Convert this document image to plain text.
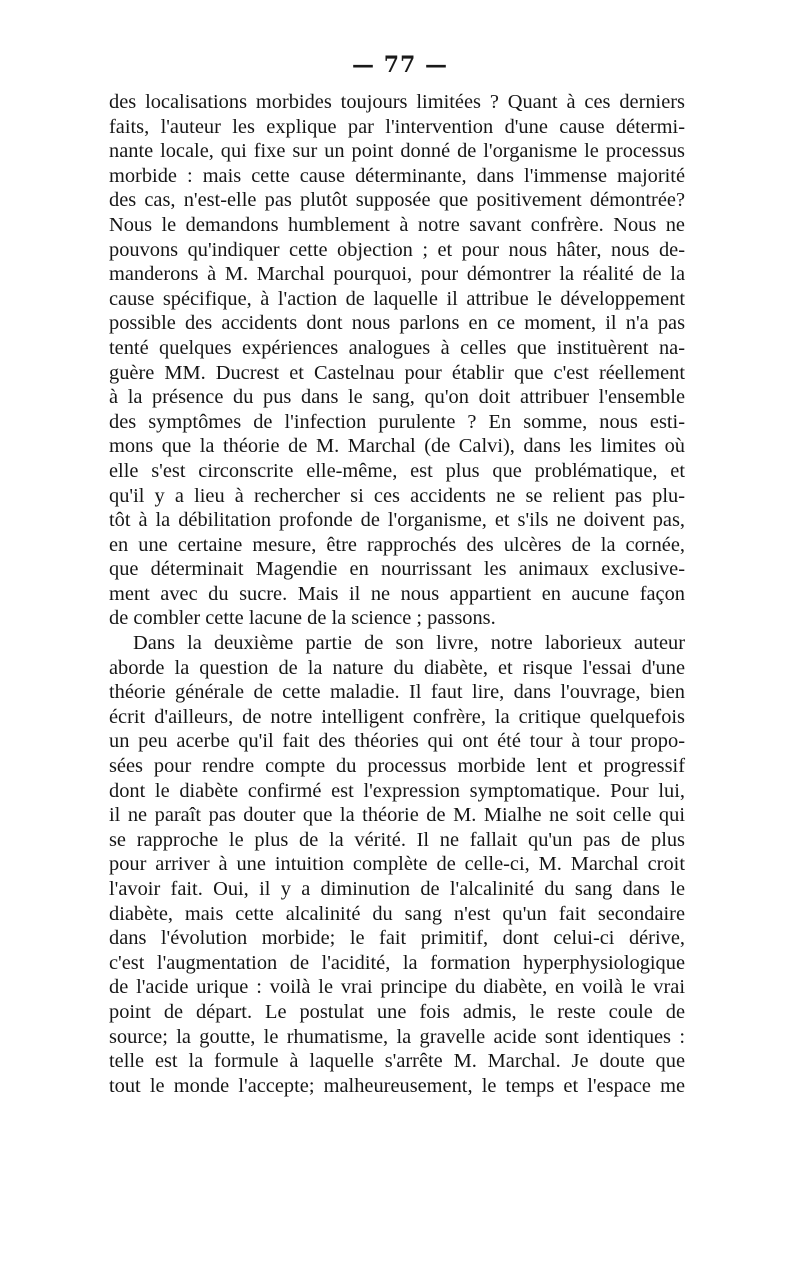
— 77 —
des localisations morbides toujours limitées ? Quant à ces derniers
faits, l'auteur les explique par l'intervention d'une cause détermi-
nante locale, qui fixe sur un point donné de l'organisme le processus
morbide : mais cette cause déterminante, dans l'immense majorité
des cas, n'est-elle pas plutôt supposée que positivement démontrée?
Nous le demandons humblement à notre savant confrère. Nous ne
pouvons qu'indiquer cette objection ; et pour nous hâter, nous de-
manderons à M. Marchal pourquoi, pour démontrer la réalité de la
cause spécifique, à l'action de laquelle il attribue le développement
possible des accidents dont nous parlons en ce moment, il n'a pas
tenté quelques expériences analogues à celles que instituèrent na-
guère MM. Ducrest et Castelnau pour établir que c'est réellement
à la présence du pus dans le sang, qu'on doit attribuer l'ensemble
des symptômes de l'infection purulente ? En somme, nous esti-
mons que la théorie de M. Marchal (de Calvi), dans les limites où
elle s'est circonscrite elle-même, est plus que problématique, et
qu'il y a lieu à rechercher si ces accidents ne se relient pas plu-
tôt à la débilitation profonde de l'organisme, et s'ils ne doivent pas,
en une certaine mesure, être rapprochés des ulcères de la cornée,
que déterminait Magendie en nourrissant les animaux exclusive-
ment avec du sucre. Mais il ne nous appartient en aucune façon
de combler cette lacune de la science ; passons.
Dans la deuxième partie de son livre, notre laborieux auteur
aborde la question de la nature du diabète, et risque l'essai d'une
théorie générale de cette maladie. Il faut lire, dans l'ouvrage, bien
écrit d'ailleurs, de notre intelligent confrère, la critique quelquefois
un peu acerbe qu'il fait des théories qui ont été tour à tour propo-
sées pour rendre compte du processus morbide lent et progressif
dont le diabète confirmé est l'expression symptomatique. Pour lui,
il ne paraît pas douter que la théorie de M. Mialhe ne soit celle qui
se rapproche le plus de la vérité. Il ne fallait qu'un pas de plus
pour arriver à une intuition complète de celle-ci, M. Marchal croit
l'avoir fait. Oui, il y a diminution de l'alcalinité du sang dans le
diabète, mais cette alcalinité du sang n'est qu'un fait secondaire
dans l'évolution morbide; le fait primitif, dont celui-ci dérive,
c'est l'augmentation de l'acidité, la formation hyperphysiologique
de l'acide urique : voilà le vrai principe du diabète, en voilà le vrai
point de départ. Le postulat une fois admis, le reste coule de
source; la goutte, le rhumatisme, la gravelle acide sont identiques :
telle est la formule à laquelle s'arrête M. Marchal. Je doute que
tout le monde l'accepte; malheureusement, le temps et l'espace me
